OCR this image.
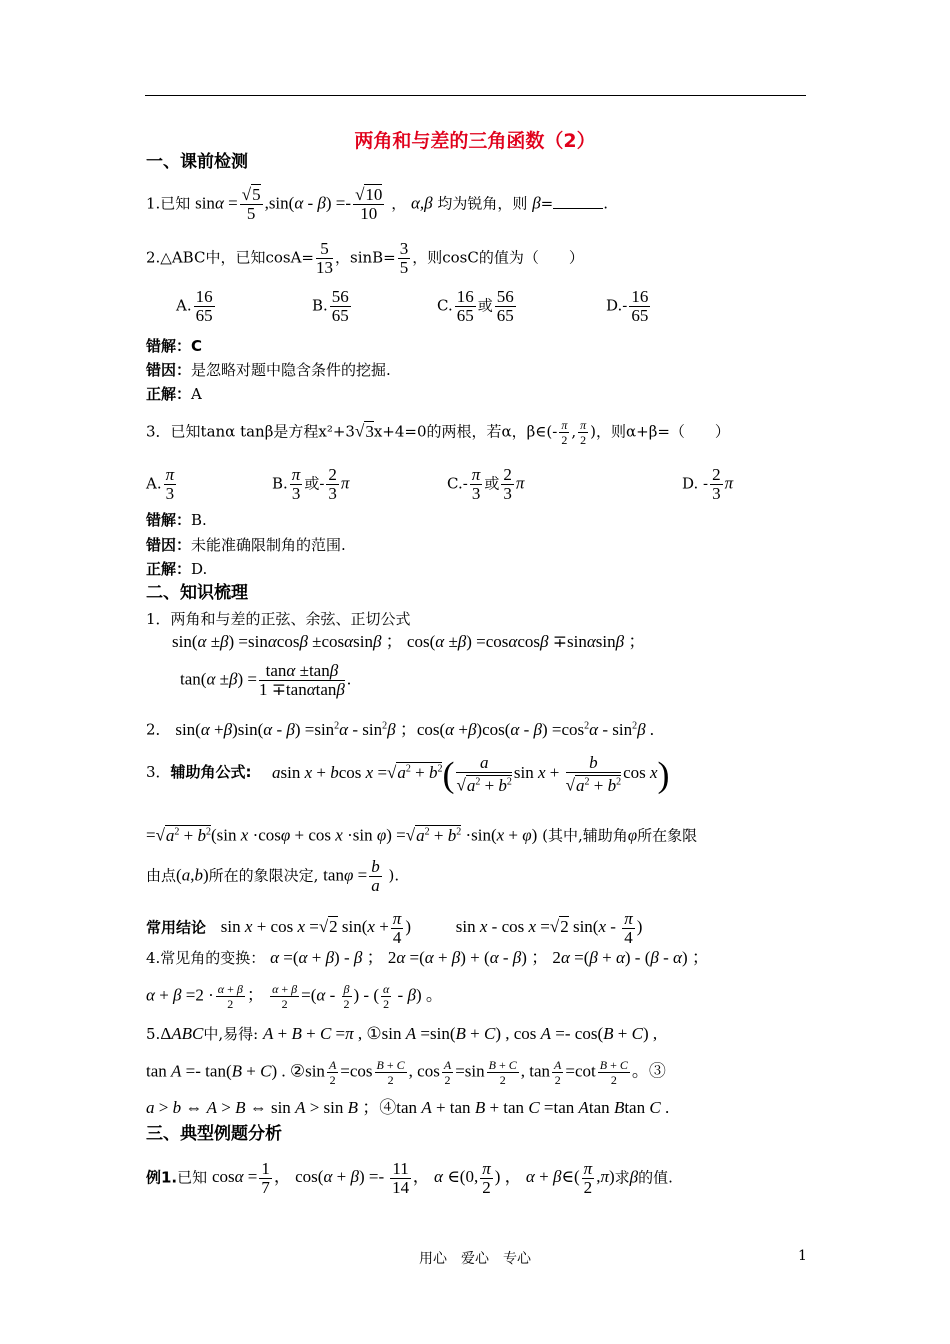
两角和与差的三角函数（2）
一、课前检测
1.已知 $\sin\alpha = \frac{√5}{5} ,\sin(\alpha - \beta) =- \frac{√10}{10}$ ， α,β 均为锐角，则 β=	.
2.△ABC中，已知$\cos A= \frac{5}{13}$ ，$\sin B= \frac{3}{5}$ ，则cosC的值为（　　）
A. $\frac{16}{65}$	B. $\frac{56}{65}$	C. $\frac{16}{65}$ 或 $\frac{56}{65}$	$D.- \frac{16}{65}$
错解：C
错因：是忽略对题中隐含条件的挖掘.
正解：A
3．已知tanα tanβ是方程x²+3√3x+4=0的两根，若α，β∈(- $\frac{\pi}{2}$ , $\frac{\pi}{2}$ )，则α+β=（　　）
A. $\frac{\pi}{3}$	B. $\frac{\pi}{3}$ 或- $\frac{2}{3}$ π	$C.- \frac{\pi}{3}$ 或 $\frac{2}{3}$ π	D. - $\frac{2}{3}$ π
错解：B.
错因：未能准确限制角的范围.
正解：D.
二、知识梳理
1．两角和与差的正弦、余弦、正切公式
sin(α ±β) =sinαcosβ ±cosαsinβ ； cos(α ±β) =cosαcosβ ∓sinαsinβ ；
$\tan(\alpha \pm\beta) = \frac{\tan\alpha \pm\tan\beta}{1 \mp\tan\alpha\tan\beta}$ .
2． $\sin(\alpha +\beta)\sin(\alpha - \beta) =\sin^2\alpha - \sin^2\beta$ ；$\cos(\alpha +\beta)\cos(\alpha - \beta) =\cos^2\alpha - \sin^2\beta$ .
3．辅助角公式: asin x + bcos $x =√a^2 + b^2( \frac{a}{√a^2 + b^2}$ $\sin x + \frac{b}{√a^2 + b^2}$ cos x)
$=√a^2 + b^2(\sin$ x ·cosφ + cos x ·sin $\varphi) =√a^2 + b^2 \cdot\sin(x + \varphi)$ (其中,辅助角φ所在象限
由点(a,b)所在的象限决定, $\tan\varphi = \frac{b}{a}$ ).
常用结论 sin x + cos x =√2 $\sin(x + \frac{\pi}{4}$ )	sin x - cos x =√2 $\sin(x - \frac{\pi}{4}$ )
4.常见角的变换： α =(α + β) - β ； 2α =(α + β) + (α - β) ； 2α =(β + α) - (β - α) ；
$\alpha + \beta =2 \cdot \frac{\alpha + \beta}{2}$ ； $\frac{\alpha + \beta}{2} =(\alpha - \frac{\beta}{2}$ ) - ( $\frac{\alpha}{2} - \beta$) 。
5.ΔABC中,易得: A + B + C =π , ①sin A =sin(B + C) , cos A =- cos(B + C) ,
tan A =- tan(B + C) . ②sin $\frac{A}{2} =\cos \frac{B + C}{2}$ , $\cos \frac{A}{2} =\sin \frac{B + C}{2}$ , $\tan \frac{A}{2} =\cot \frac{B + C}{2}$ 。③
a > b ⇔ A > B ⇔ sin A > sin B ；④tan A + tan B + tan C =tan Atan Btan C .
三、典型例题分析
例1.已知 $\cos\alpha = \frac{1}{7}$ ， $\cos(\alpha + \beta) =- \frac{11}{14}$ ， α ∈(0, $\frac{\pi}{2}$ ) ， α + β∈( $\frac{\pi}{2} ,\pi$)求β的值.
用心　爱心　专心	1
